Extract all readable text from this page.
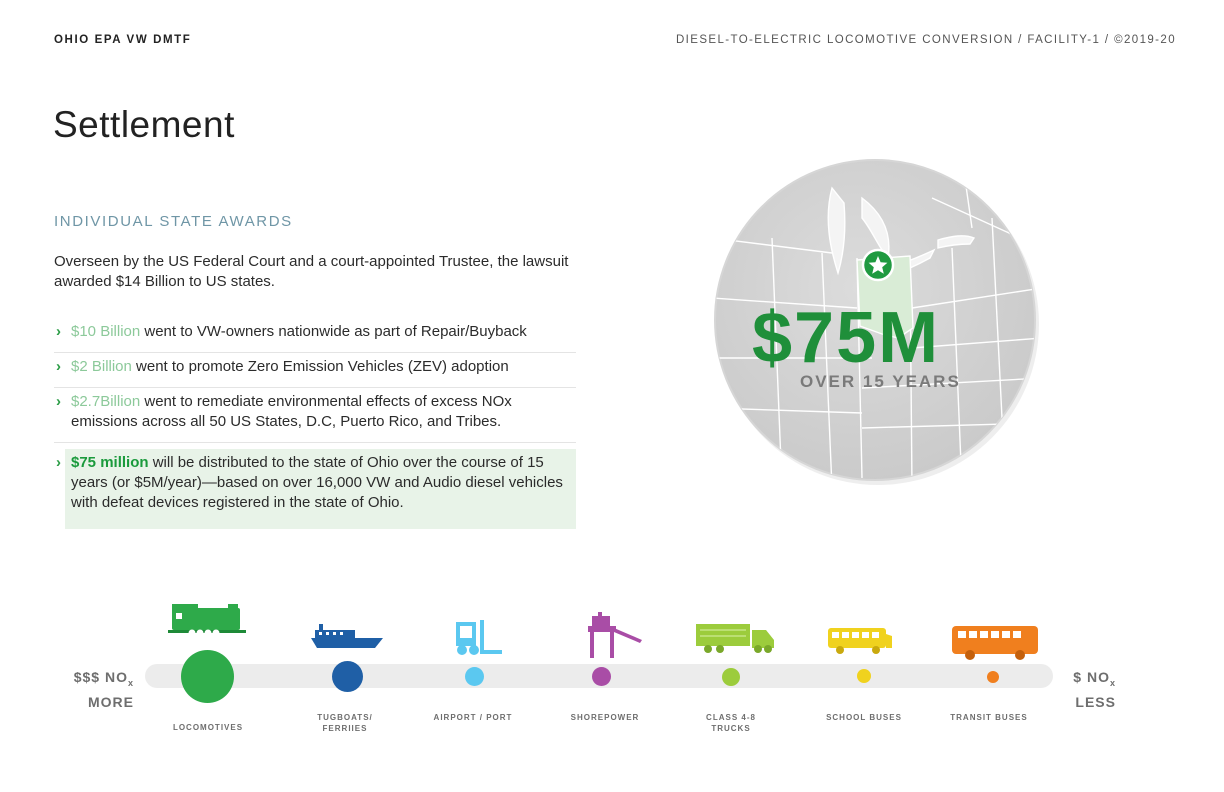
OHIO EPA VW DMTF	DIESEL-TO-ELECTRIC LOCOMOTIVE CONVERSION / FACILITY-1 / ©2019-20
Settlement
INDIVIDUAL STATE AWARDS
Overseen by the US Federal Court and a court-appointed Trustee, the lawsuit awarded $14 Billion to US states.
› $10 Billion went to VW-owners nationwide as part of Repair/Buyback
› $2 Billion went to promote Zero Emission Vehicles (ZEV) adoption
› $2.7Billion went to remediate environmental effects of excess NOx emissions across all 50 US States, D.C, Puerto Rico, and Tribes.
› $75 million will be distributed to the state of Ohio over the course of 15 years (or $5M/year)—based on over 16,000 VW and Audio diesel vehicles with defeat devices registered in the state of Ohio.
$75M
OVER 15 YEARS
$$$ $NO_x$
MORE
$ $NO_x$
LESS
LOCOMOTIVES
TUGBOATS/ FERRIIES
AIRPORT / PORT	SHOREPOWER	CLASS 4-8 TRUCKS
SCHOOL BUSES	TRANSIT BUSES
